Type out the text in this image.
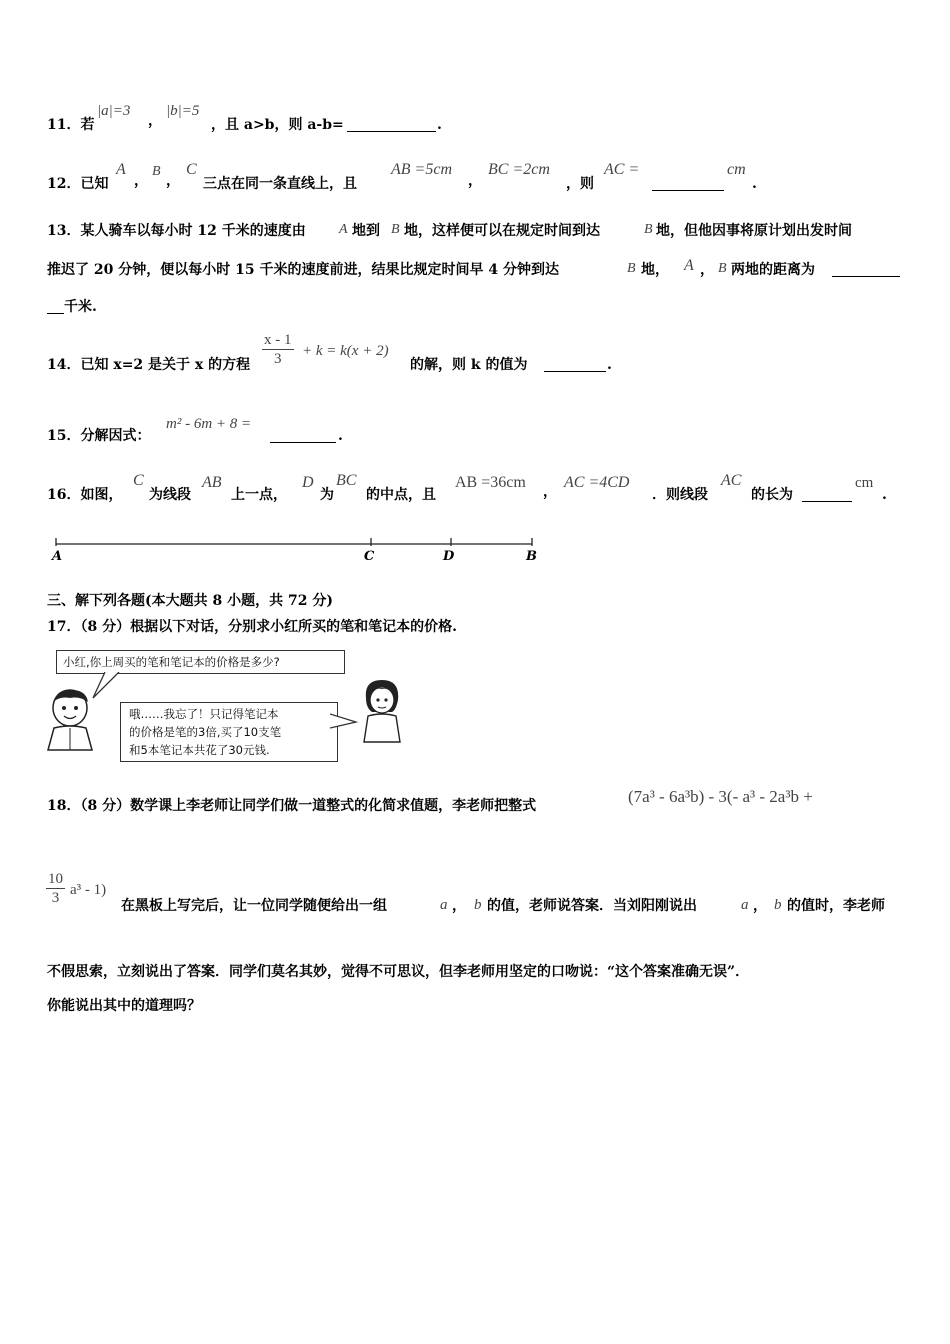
11．若
|a|=3
，
|b|=5
，且 a>b，则 a-b=	.
12．已知
A
，
B
，
C
三点在同一条直线上，且
AB =5cm
，
BC =2cm
，则
AC =	cm
.
13．某人骑车以每小时 12 千米的速度由 A 地到 B 地，这样便可以在规定时间到达	B 地，但他因事将原计划出发时间
推迟了 20 分钟，便以每小时 15 千米的速度前进，结果比规定时间早 4 分钟到达	B 地， A ， B 两地的距离为
千米.
14．已知 x=2 是关于 x 的方程 $\frac{x - 1}{3} + k = k(x + 2)$
的解，则 k 的值为	.
15．分解因式：
m² - 6m + 8 =
.
16．如图，
C
为线段
AB
上一点，
D
为
BC
的中点，且
AB =36cm
，
AC =4CD
．则线段
AC
的长为
cm
.
A	C	D	B
三、解下列各题(本大题共 8 小题，共 72 分)
17．（8 分）根据以下对话，分别求小红所买的笔和笔记本的价格.
小红,你上周买的笔和笔记本的价格是多少?
哦……我忘了！只记得笔记本
的价格是笔的3倍,买了10支笔
和5本笔记本共花了30元钱.
18．（8 分）数学课上李老师让同学们做一道整式的化简求值题，李老师把整式	(7a³ - 6a³b) - 3(- a³ - 2a³b +
$\frac{10}{3} a^3 - 1$)
在黑板上写完后，让一位同学随便给出一组	a ， b 的值，老师说答案．当刘阳刚说出	a ， b 的值时，李老师
不假思索，立刻说出了答案．同学们莫名其妙，觉得不可思议，但李老师用坚定的口吻说：“这个答案准确无误”．
你能说出其中的道理吗？
